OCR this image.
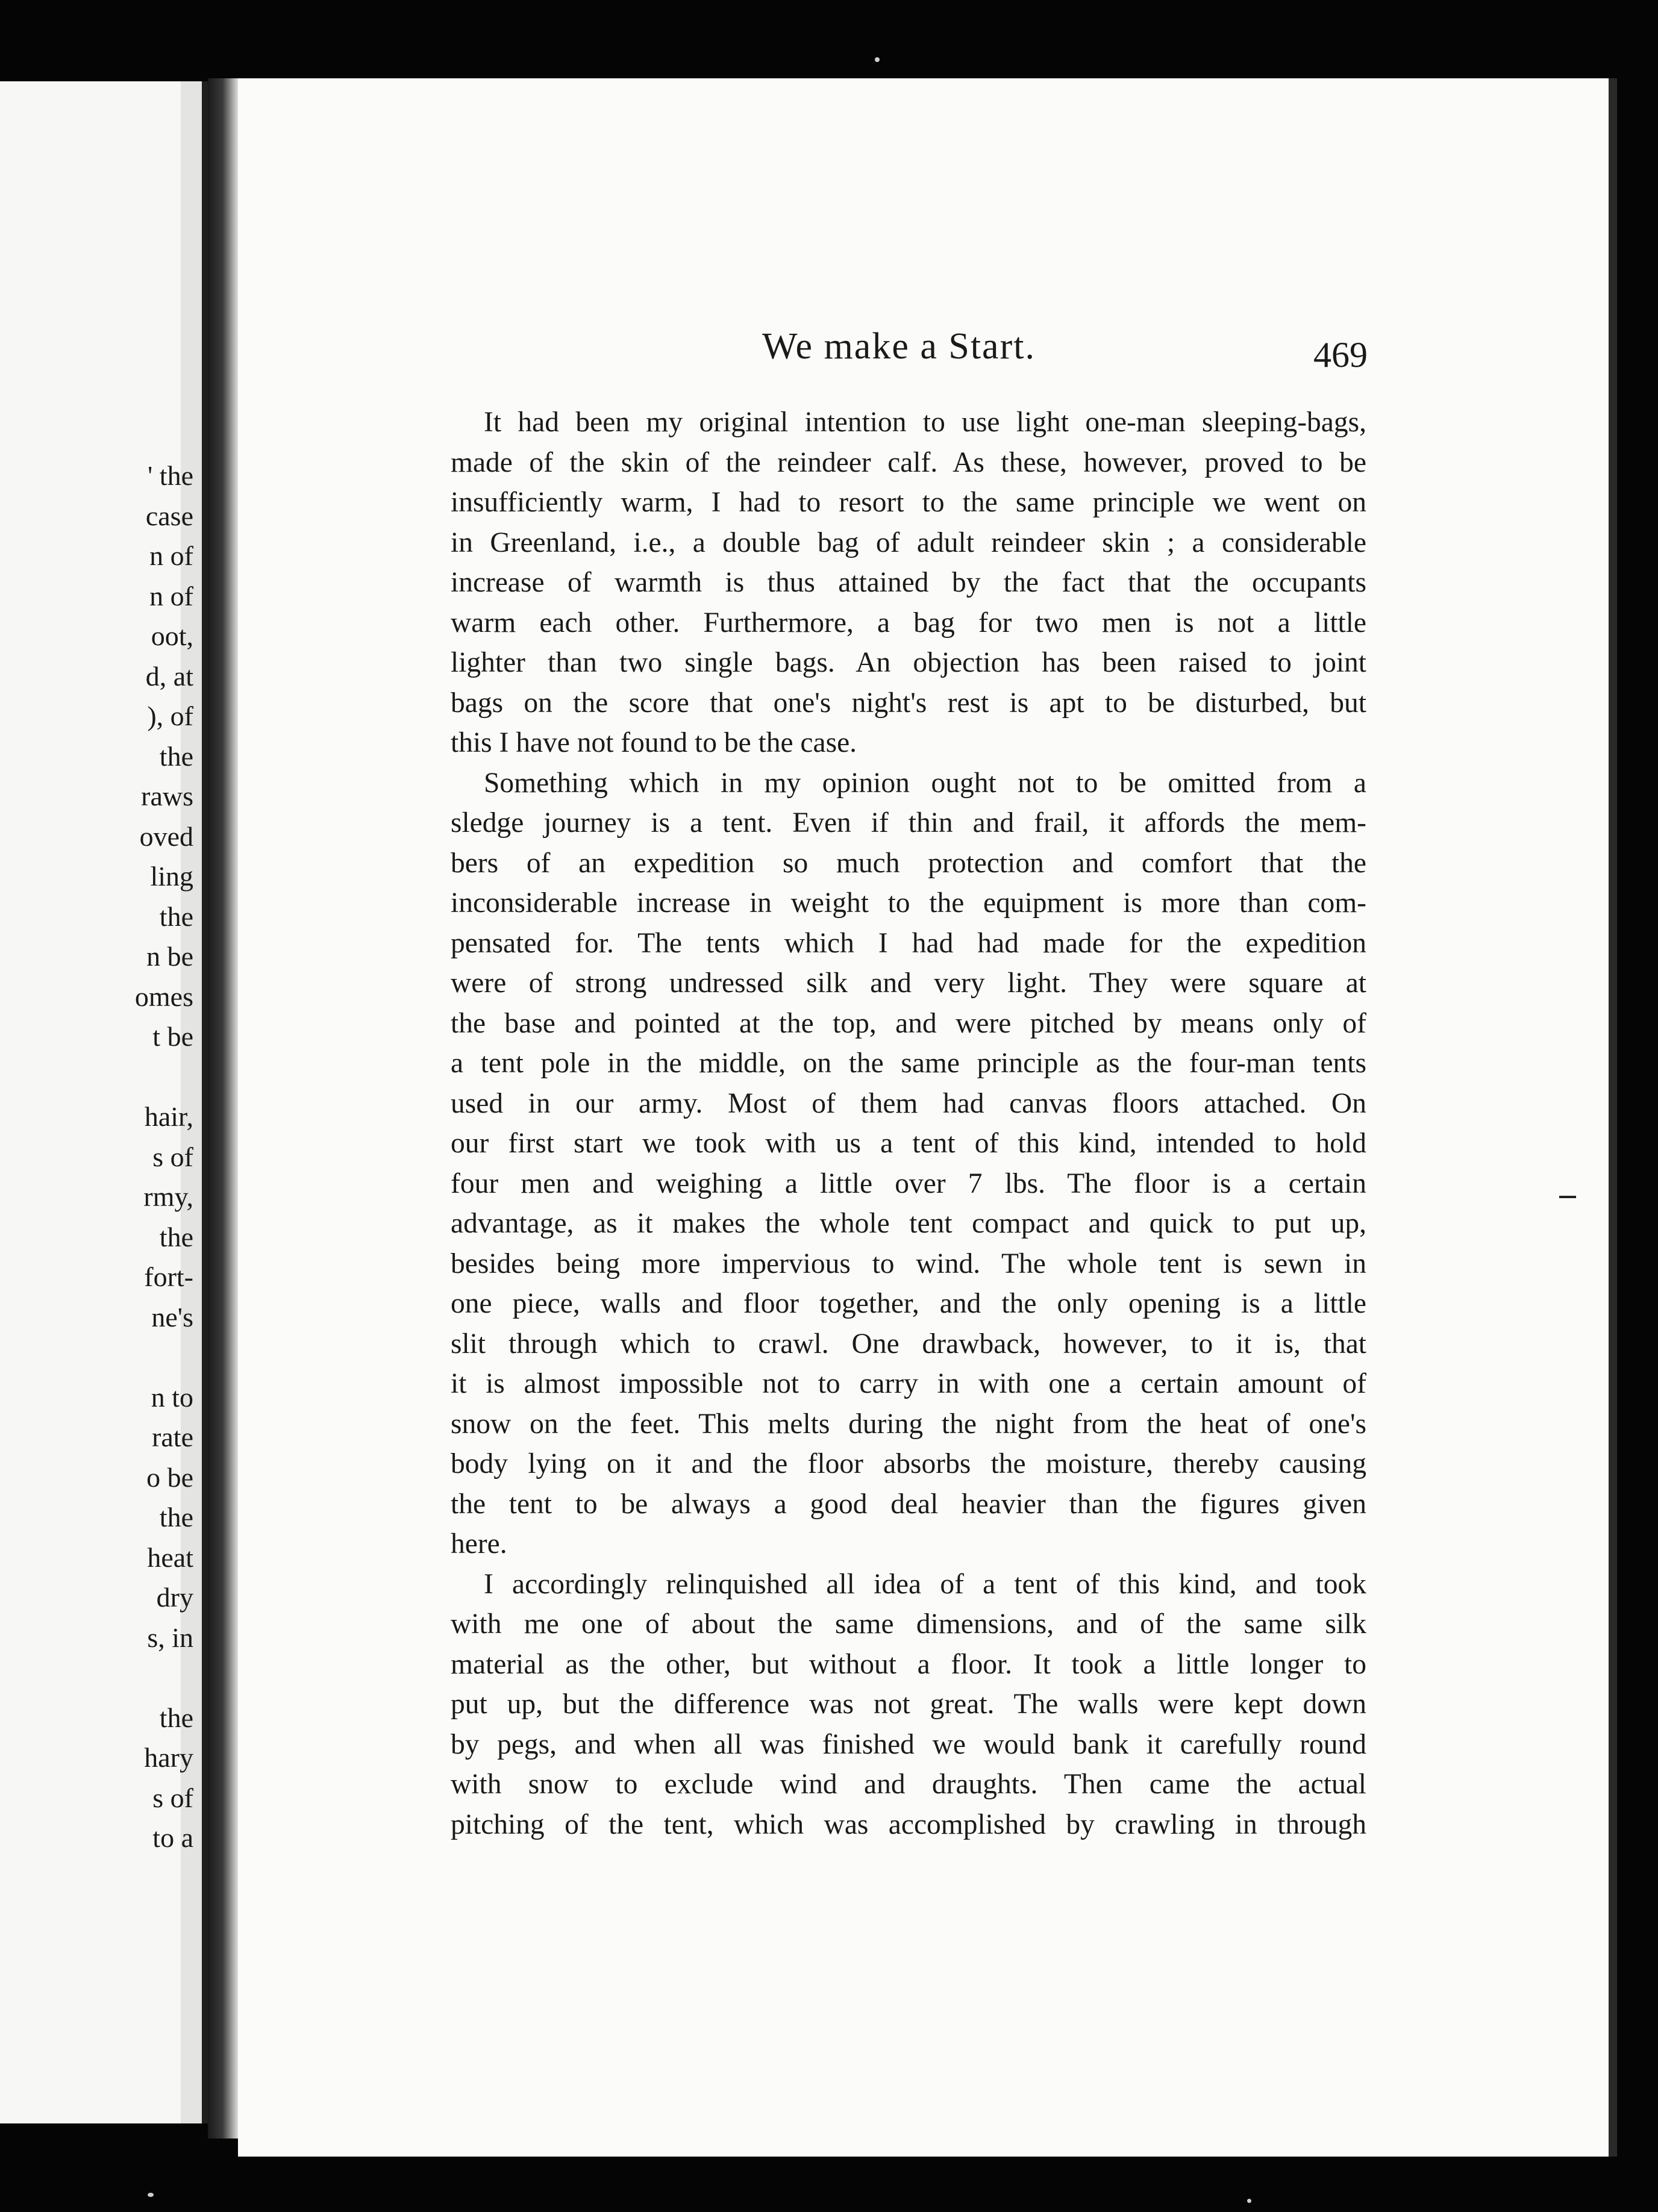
' the
case
n of
n of
oot,
d, at
), of
the
raws
oved
ling
the
n be
omes
t be
hair,
s of
rmy,
the
fort-
ne's
n to
rate
o be
the
heat
dry
s, in
the
hary
s of
to a
We make a Start.	469
It had been my original intention to use light one-man sleeping-bags,
made of the skin of the reindeer calf. As these, however, proved to be
insufficiently warm, I had to resort to the same principle we went on
in Greenland, i.e., a double bag of adult reindeer skin ; a considerable
increase of warmth is thus attained by the fact that the occupants
warm each other. Furthermore, a bag for two men is not a little
lighter than two single bags. An objection has been raised to joint
bags on the score that one's night's rest is apt to be disturbed, but
this I have not found to be the case.
Something which in my opinion ought not to be omitted from a
sledge journey is a tent. Even if thin and frail, it affords the mem-
bers of an expedition so much protection and comfort that the
inconsiderable increase in weight to the equipment is more than com-
pensated for. The tents which I had had made for the expedition
were of strong undressed silk and very light. They were square at
the base and pointed at the top, and were pitched by means only of
a tent pole in the middle, on the same principle as the four-man tents
used in our army. Most of them had canvas floors attached. On
our first start we took with us a tent of this kind, intended to hold
four men and weighing a little over 7 lbs. The floor is a certain
advantage, as it makes the whole tent compact and quick to put up,
besides being more impervious to wind. The whole tent is sewn in
one piece, walls and floor together, and the only opening is a little
slit through which to crawl. One drawback, however, to it is, that
it is almost impossible not to carry in with one a certain amount of
snow on the feet. This melts during the night from the heat of one's
body lying on it and the floor absorbs the moisture, thereby causing
the tent to be always a good deal heavier than the figures given
here.
I accordingly relinquished all idea of a tent of this kind, and took
with me one of about the same dimensions, and of the same silk
material as the other, but without a floor. It took a little longer to
put up, but the difference was not great. The walls were kept down
by pegs, and when all was finished we would bank it carefully round
with snow to exclude wind and draughts. Then came the actual
pitching of the tent, which was accomplished by crawling in through
